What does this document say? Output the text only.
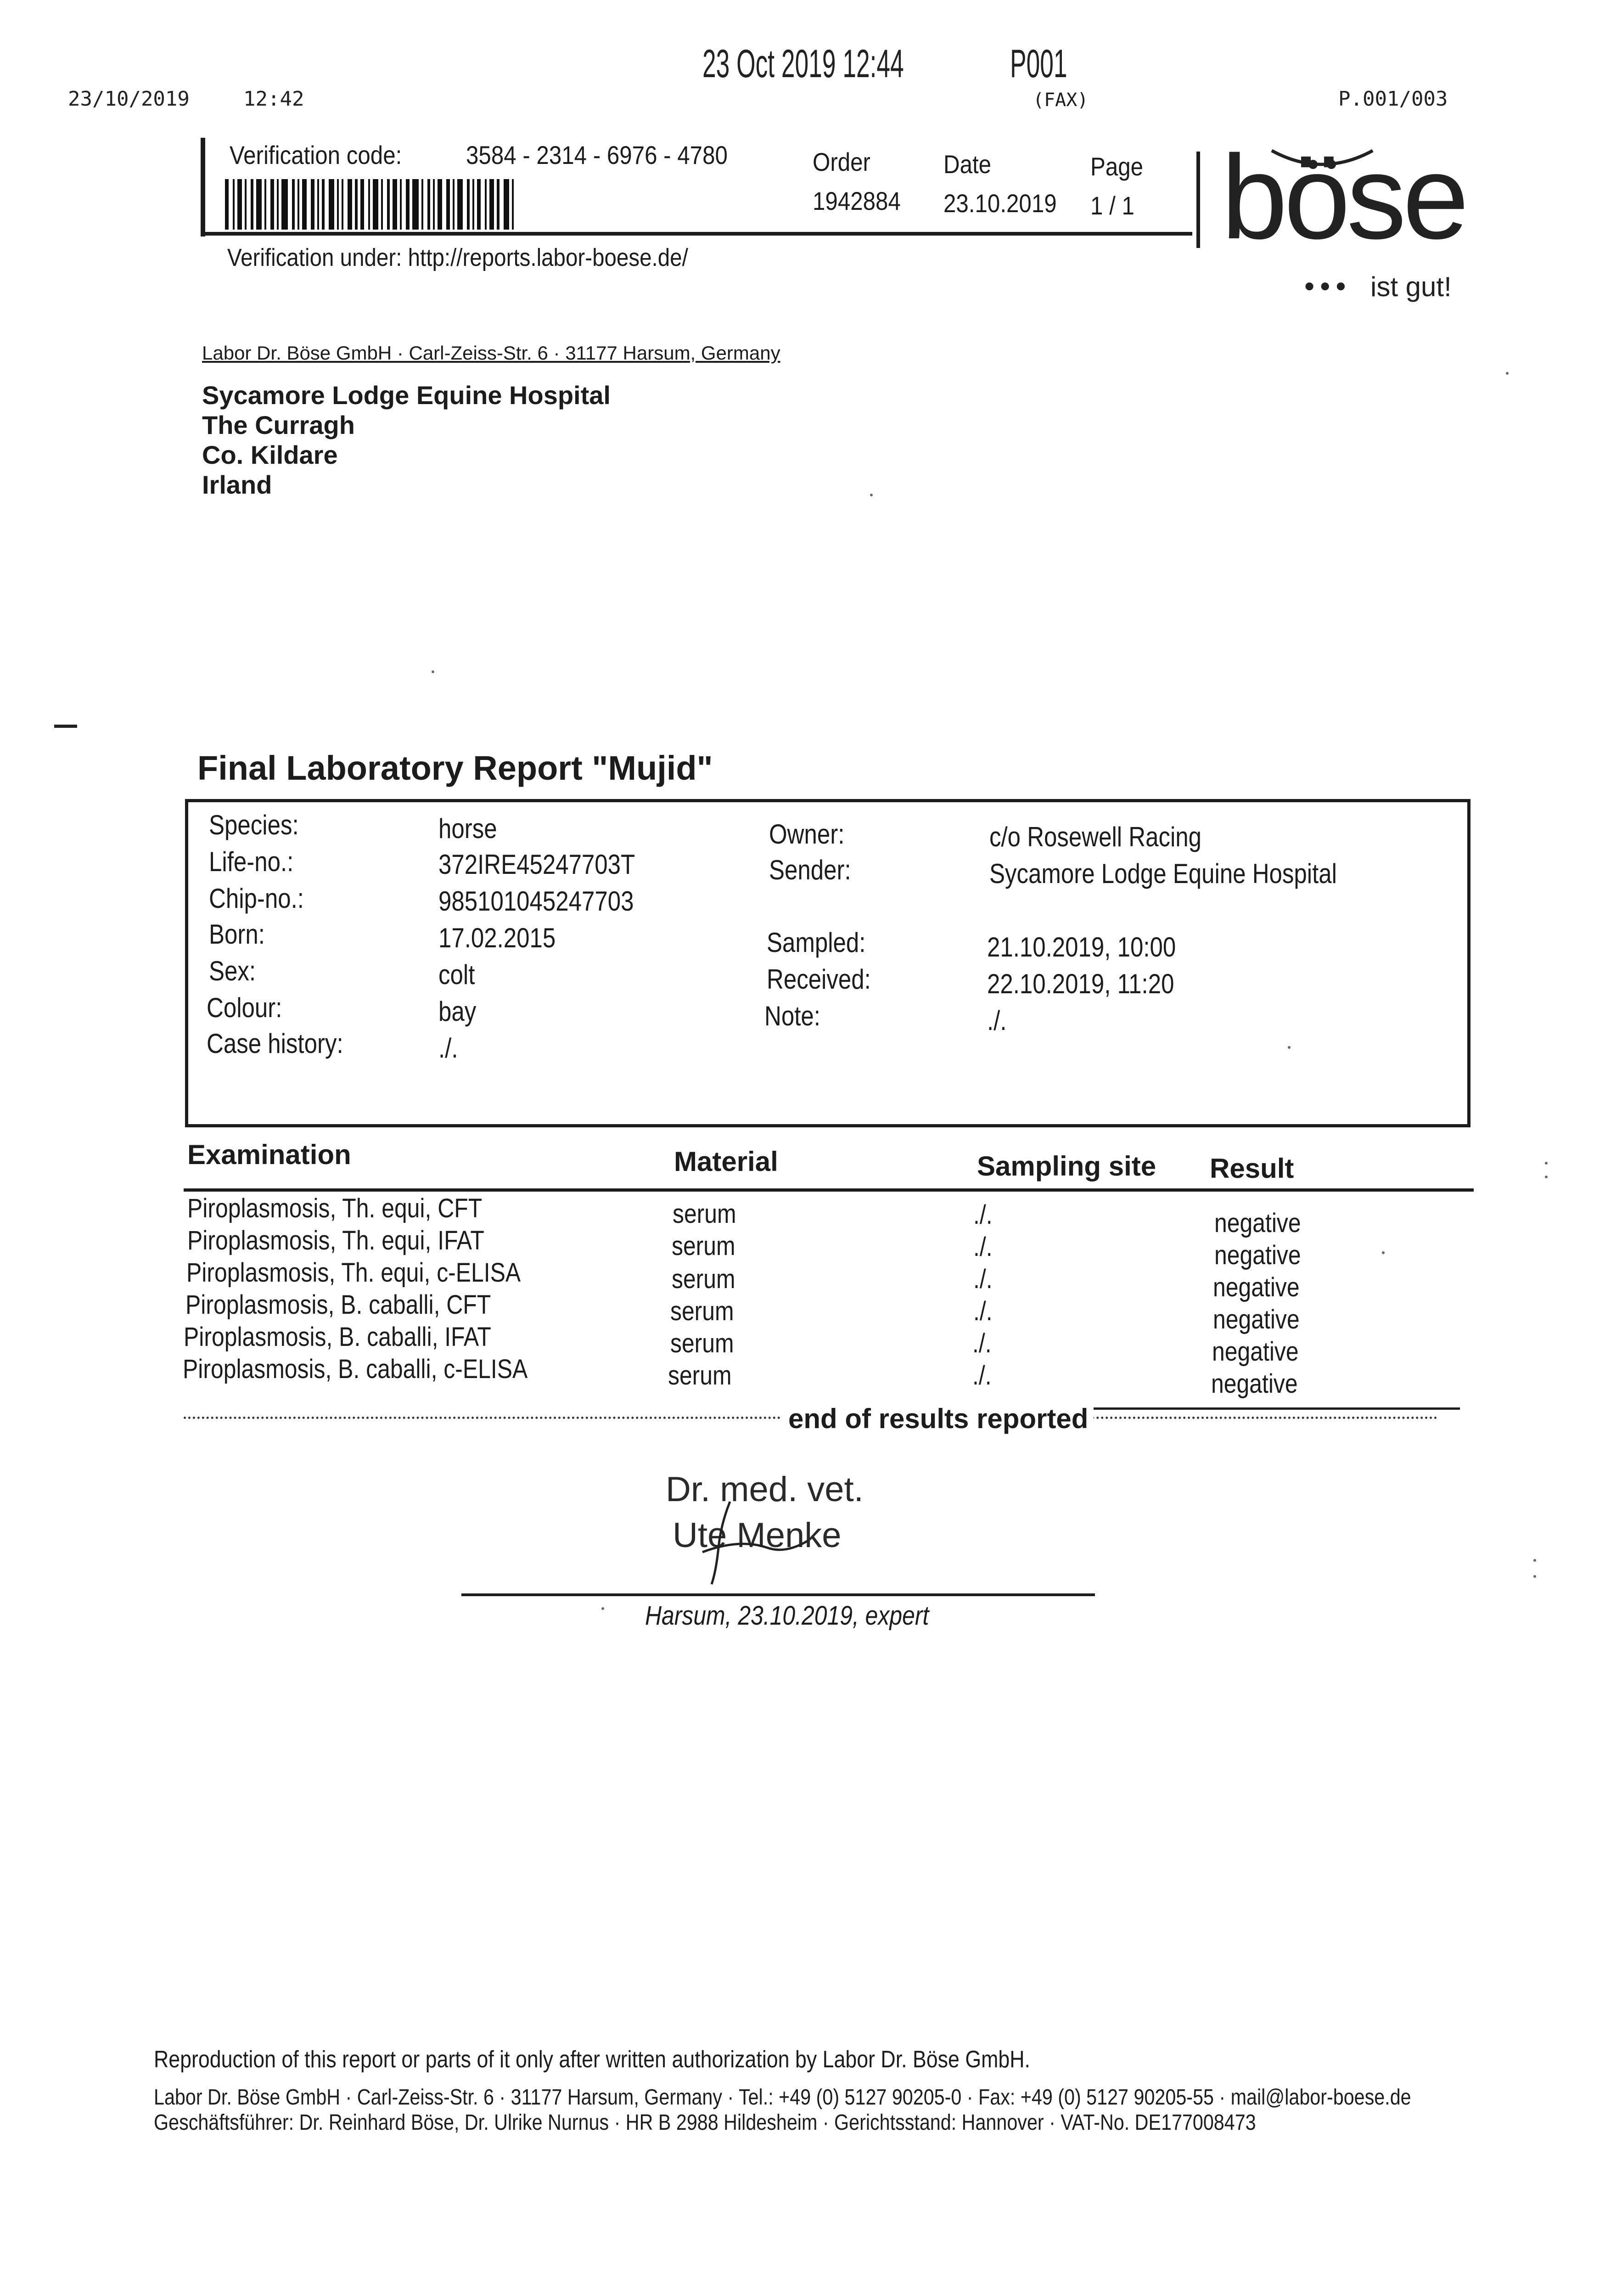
23/10/2019	12:42
23 Oct 2019 12:44	P001
(FAX)	P.001/003
Verification code: 3584 - 2314 - 6976 - 4780	Order
1942884
Date
23.10.2019
Page
1 / 1
Verification under: http://reports.labor-boese.de/	böse
●●● ist gut!
Labor Dr. Böse GmbH · Carl-Zeiss-Str. 6 · 31177 Harsum, Germany
Sycamore Lodge Equine Hospital
The Curragh
Co. Kildare
Irland
Final Laboratory Report "Mujid"
Species:	horse
Life-no.:	372IRE45247703T
Chip-no.:	985101045247703
Born:	17.02.2015
Sex:	colt
Colour:	bay
Case history:	./.
Owner:	c/o Rosewell Racing
Sender:	Sycamore Lodge Equine Hospital
Sampled:	21.10.2019, 10:00
Received:	22.10.2019, 11:20
Note:	./.
Examination	Material	Sampling site Result
Piroplasmosis, Th. equi, CFT	serum	./.	negative
Piroplasmosis, Th. equi, IFAT	serum	./.	negative
Piroplasmosis, Th. equi, c-ELISA	serum	./.	negative
Piroplasmosis, B. caballi, CFT	serum	./.	negative
Piroplasmosis, B. caballi, IFAT	serum	./.	negative
Piroplasmosis, B. caballi, c-ELISA	serum	./.	negative
end of results reported
Dr. med. vet.
Ute Menke
Harsum, 23.10.2019, expert
Reproduction of this report or parts of it only after written authorization by Labor Dr. Böse GmbH.
Labor Dr. Böse GmbH · Carl-Zeiss-Str. 6 · 31177 Harsum, Germany · Tel.: +49 (0) 5127 90205-0 · Fax: +49 (0) 5127 90205-55 · mail@labor-boese.de
Geschäftsführer: Dr. Reinhard Böse, Dr. Ulrike Nurnus · HR B 2988 Hildesheim · Gerichtsstand: Hannover · VAT-No. DE177008473
